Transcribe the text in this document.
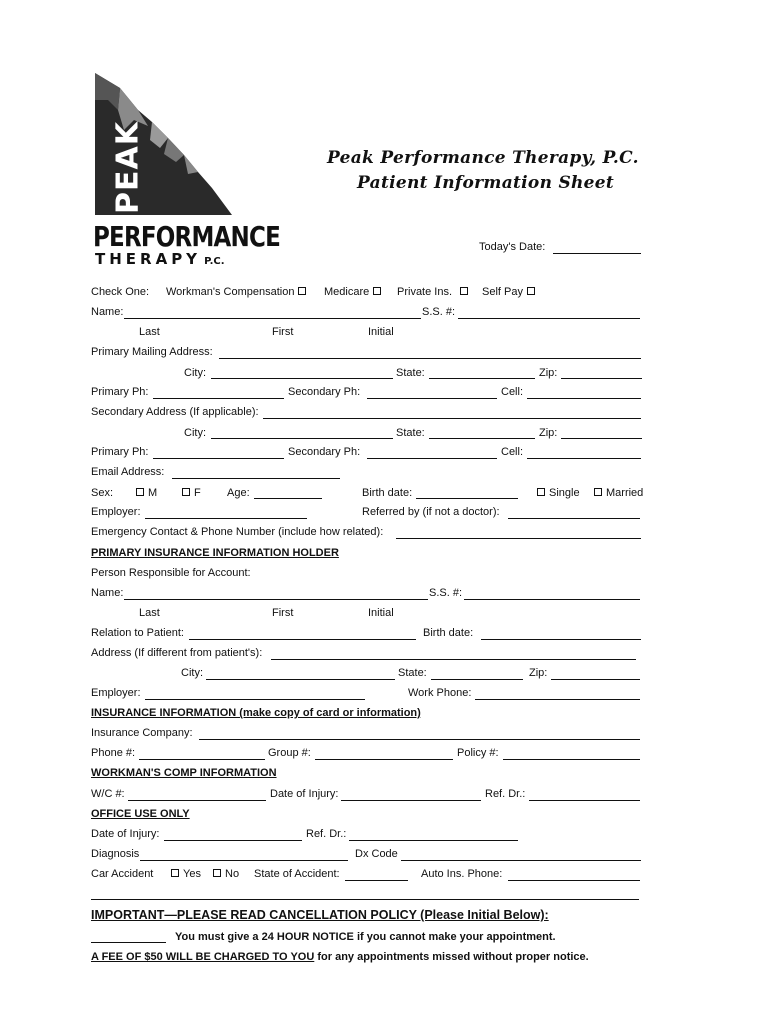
PEAK
PERFORMANCE
THERAPY P.C.
Peak Performance Therapy, P.C.
Patient Information Sheet
Today's Date:
Check One: Workman's Compensation	Medicare	Private Ins.	Self Pay
Name:	S.S. #:
Last	First	Initial
Primary Mailing Address:
City:	State:	Zip:
Primary Ph:	Secondary Ph:	Cell:
Secondary Address (If applicable):
City:	State:	Zip:
Primary Ph:	Secondary Ph:	Cell:
Email Address:
Sex:	M	F Age:	Birth date:	Single	Married
Employer:	Referred by (if not a doctor):
Emergency Contact & Phone Number (include how related):
PRIMARY INSURANCE INFORMATION HOLDER
Person Responsible for Account:
Name:	S.S. #:
Last	First	Initial
Relation to Patient:	Birth date:
Address (If different from patient's):
City:	State:	Zip:
Employer:	Work Phone:
INSURANCE INFORMATION (make copy of card or information)
Insurance Company:
Phone #:	Group #:	Policy #:
WORKMAN'S COMP INFORMATION
W/C #:	Date of Injury:	Ref. Dr.:
OFFICE USE ONLY
Date of Injury:	Ref. Dr.:
Diagnosis	Dx Code
Car Accident	Yes	No State of Accident:	Auto Ins. Phone:
IMPORTANT—PLEASE READ CANCELLATION POLICY (Please Initial Below):
You must give a 24 HOUR NOTICE if you cannot make your appointment.
A FEE OF $50 WILL BE CHARGED TO YOU for any appointments missed without proper notice.
